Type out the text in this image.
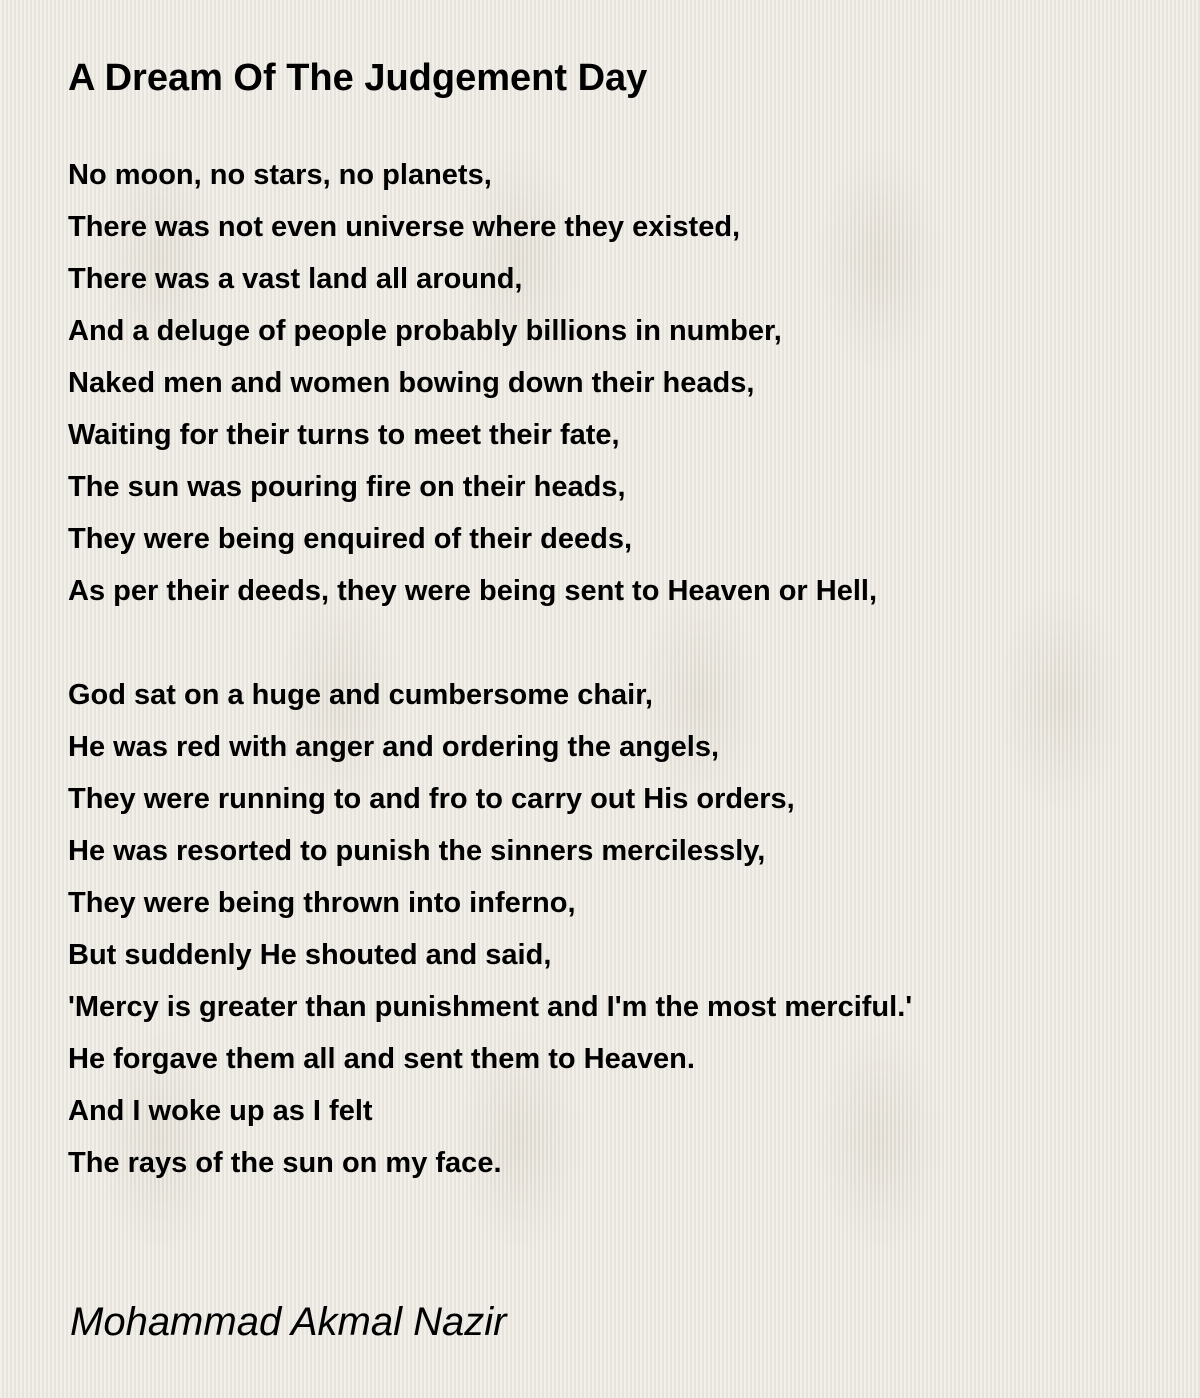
A Dream Of The Judgement Day
No moon, no stars, no planets,
There was not even universe where they existed,
There was a vast land all around,
And a deluge of people probably billions in number,
Naked men and women bowing down their heads,
Waiting for their turns to meet their fate,
The sun was pouring fire on their heads,
They were being enquired of their deeds,
As per their deeds, they were being sent to Heaven or Hell,
God sat on a huge and cumbersome chair,
He was red with anger and ordering the angels,
They were running to and fro to carry out His orders,
He was resorted to punish the sinners mercilessly,
They were being thrown into inferno,
But suddenly He shouted and said,
'Mercy is greater than punishment and I'm the most merciful.'
He forgave them all and sent them to Heaven.
And I woke up as I felt
The rays of the sun on my face.

Mohammad Akmal Nazir
